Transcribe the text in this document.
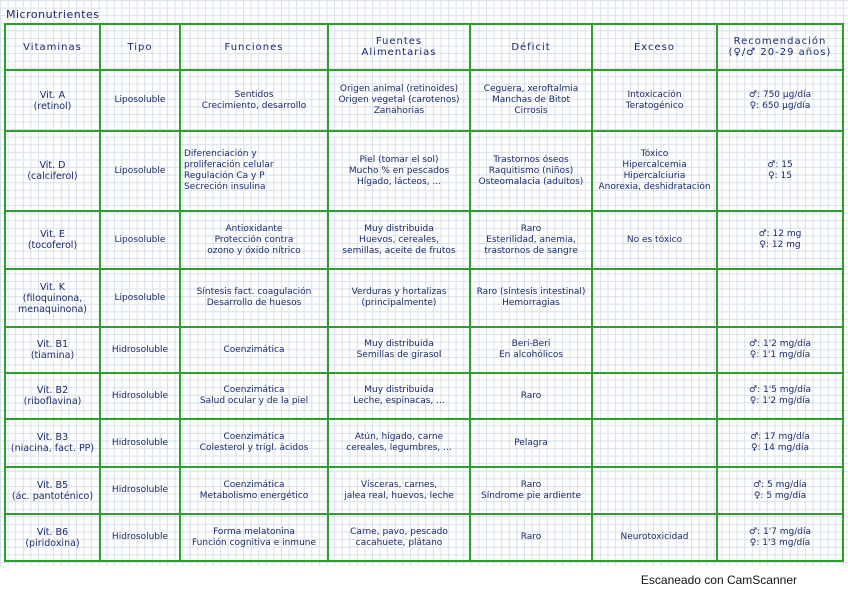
Micronutrientes
Vitaminas	Tipo	Funciones	Fuentes
Alimentarias	Déficit	Exceso	Recomendación
(♀/♂ 20-29 años)

Vit. A
(retinol)	Liposoluble	Sentidos
Crecimiento, desarrollo	Origen animal (retinoides)
Origen vegetal (carotenos)
Zanahorias	Ceguera, xeroftalmia
Manchas de Bitot
Cirrosis	Intoxicación
Teratogénico	♂: 750 µg/día
♀: 650 µg/día

Vit. D
(calciferol)	Liposoluble	Diferenciación y
proliferación celular
Regulación Ca y P
Secreción insulina	Piel (tomar el sol)
Mucho % en pescados
Hígado, lácteos, ...	Trastornos óseos
Raquitismo (niños)
Osteomalacia (adultos)	Tóxico
Hipercalcemia
Hipercalciuria
Anorexia, deshidratación	♂: 15
♀: 15

Vit. E
(tocoferol)	Liposoluble	Antioxidante
Protección contra
ozono y óxido nítrico	Muy distribuida
Huevos, cereales,
semillas, aceite de frutos	Raro
Esterilidad, anemia,
trastornos de sangre	No es tóxico	♂: 12 mg
♀: 12 mg

Vit. K
(filoquinona,
menaquinona)	Liposoluble	Síntesis fact. coagulación
Desarrollo de huesos	Verduras y hortalizas
(principalmente)	Raro (síntesis intestinal)
Hemorragias		

Vit. B1
(tiamina)	Hidrosoluble	Coenzimática	Muy distribuida
Semillas de girasol	Beri-Beri
En alcohólicos		♂: 1'2 mg/día
♀: 1'1 mg/día

Vit. B2
(riboflavina)	Hidrosoluble	Coenzimática
Salud ocular y de la piel	Muy distribuida
Leche, espinacas, ...	Raro		♂: 1'5 mg/día
♀: 1'2 mg/día

Vit. B3
(niacina, fact. PP)	Hidrosoluble	Coenzimática
Colesterol y trigl. ácidos	Atún, hígado, carne
cereales, legumbres, ...	Pelagra		♂: 17 mg/día
♀: 14 mg/día

Vit. B5
(ác. pantoténico)	Hidrosoluble	Coenzimática
Metabolismo energético	Vísceras, carnes,
jalea real, huevos, leche	Raro
Síndrome pie ardiente		♂: 5 mg/día
♀: 5 mg/día

Vit. B6
(piridoxina)	Hidrosoluble	Forma melatonina
Función cognitiva e inmune	Carne, pavo, pescado
cacahuete, plátano	Raro	Neurotoxicidad	♂: 1'7 mg/día
♀: 1'3 mg/día
Escaneado con CamScanner
